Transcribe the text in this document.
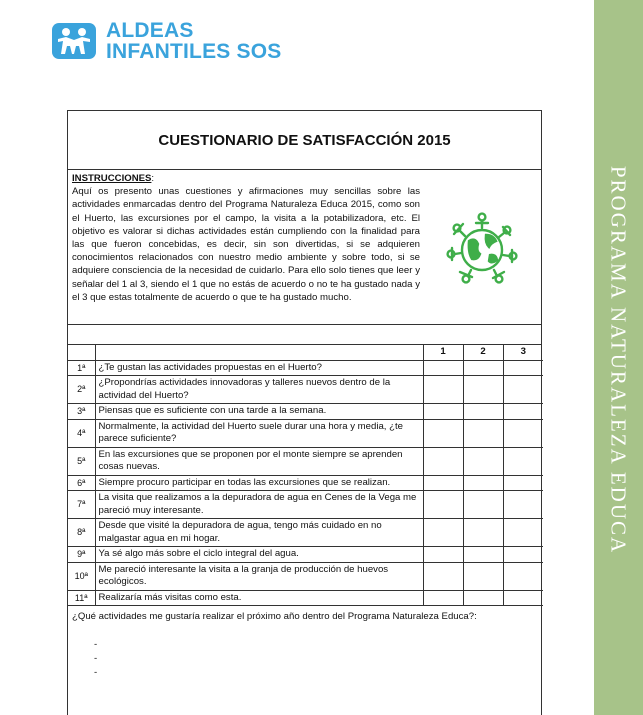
ALDEAS
INFANTILES SOS
PROGRAMA NATURALEZA EDUCA
CUESTIONARIO DE SATISFACCIÓN 2015
INSTRUCCIONES:
Aquí os presento unas cuestiones y afirmaciones muy sencillas sobre las actividades enmarcadas dentro del Programa Naturaleza Educa 2015, como son el Huerto, las excursiones por el campo, la visita a la potabilizadora, etc. El objetivo es valorar si dichas actividades están cumpliendo con la finalidad para las que fueron concebidas, es decir, sin son divertidas, si se adquieren conocimientos relacionados con nuestro medio ambiente y sobre todo, si se adquiere consciencia de la necesidad de cuidarlo. Para ello solo tienes que leer y señalar del 1 al 3, siendo el 1 que no estás de acuerdo o no te ha gustado nada y el 3 que estas totalmente de acuerdo o que te ha gustado mucho.
		1	2	3
1ª	¿Te gustan las actividades propuestas en el Huerto?			
2ª	¿Propondrías actividades innovadoras y talleres nuevos dentro de la actividad del Huerto?			
3ª	Piensas que es suficiente con una tarde a la semana.			
4ª	Normalmente, la actividad del Huerto suele durar una hora y media, ¿te parece suficiente?			
5ª	En las excursiones que se proponen por el monte siempre se aprenden cosas nuevas.			
6ª	Siempre procuro participar en todas las excursiones que se realizan.			
7ª	La visita que realizamos a la depuradora de agua en Cenes de la Vega me pareció muy interesante.			
8ª	Desde que visité la depuradora de agua, tengo más cuidado en no malgastar agua en mi hogar.			
9ª	Ya sé algo más sobre el ciclo integral del agua.			
10ª	Me pareció interesante la visita a la granja de producción de huevos ecológicos.			
11ª	Realizaría más visitas como esta.			
¿Qué actividades me gustaría realizar el próximo año dentro del Programa Naturaleza Educa?:
-
-
-
